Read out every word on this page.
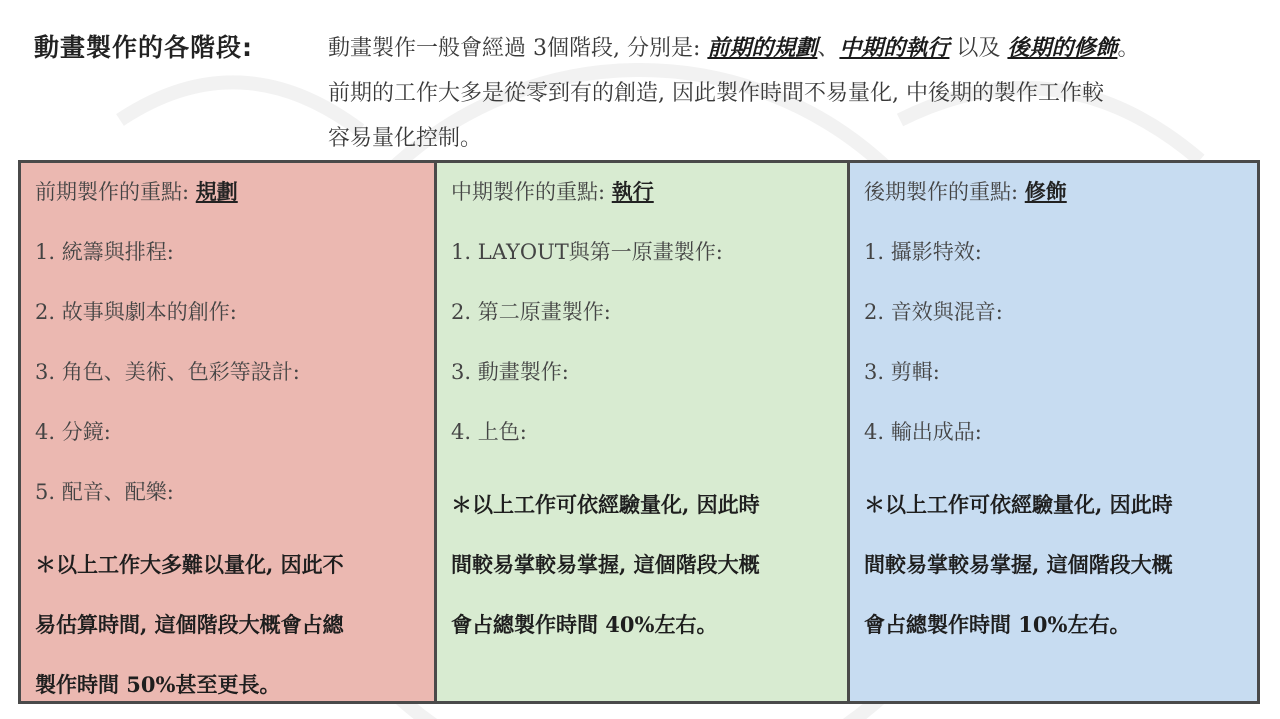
動畫製作的各階段:	動畫製作一般會經過 3個階段, 分別是: 前期的規劃、中期的執行 以及 後期的修飾。
前期的工作大多是從零到有的創造, 因此製作時間不易量化, 中後期的製作工作較
容易量化控制。
前期製作的重點: 規劃
1. 統籌與排程:
2. 故事與劇本的創作:
3. 角色、美術、色彩等設計:
4. 分鏡:
5. 配音、配樂:
＊以上工作大多難以量化, 因此不
易估算時間, 這個階段大概會占總
製作時間 50%甚至更長。
中期製作的重點: 執行
1. LAYOUT與第一原畫製作:
2. 第二原畫製作:
3. 動畫製作:
4. 上色:
＊以上工作可依經驗量化, 因此時
間較易掌較易掌握, 這個階段大概
會占總製作時間 40%左右。
後期製作的重點: 修飾
1. 攝影特效:
2. 音效與混音:
3. 剪輯:
4. 輸出成品:
＊以上工作可依經驗量化, 因此時
間較易掌較易掌握, 這個階段大概
會占總製作時間 10%左右。
